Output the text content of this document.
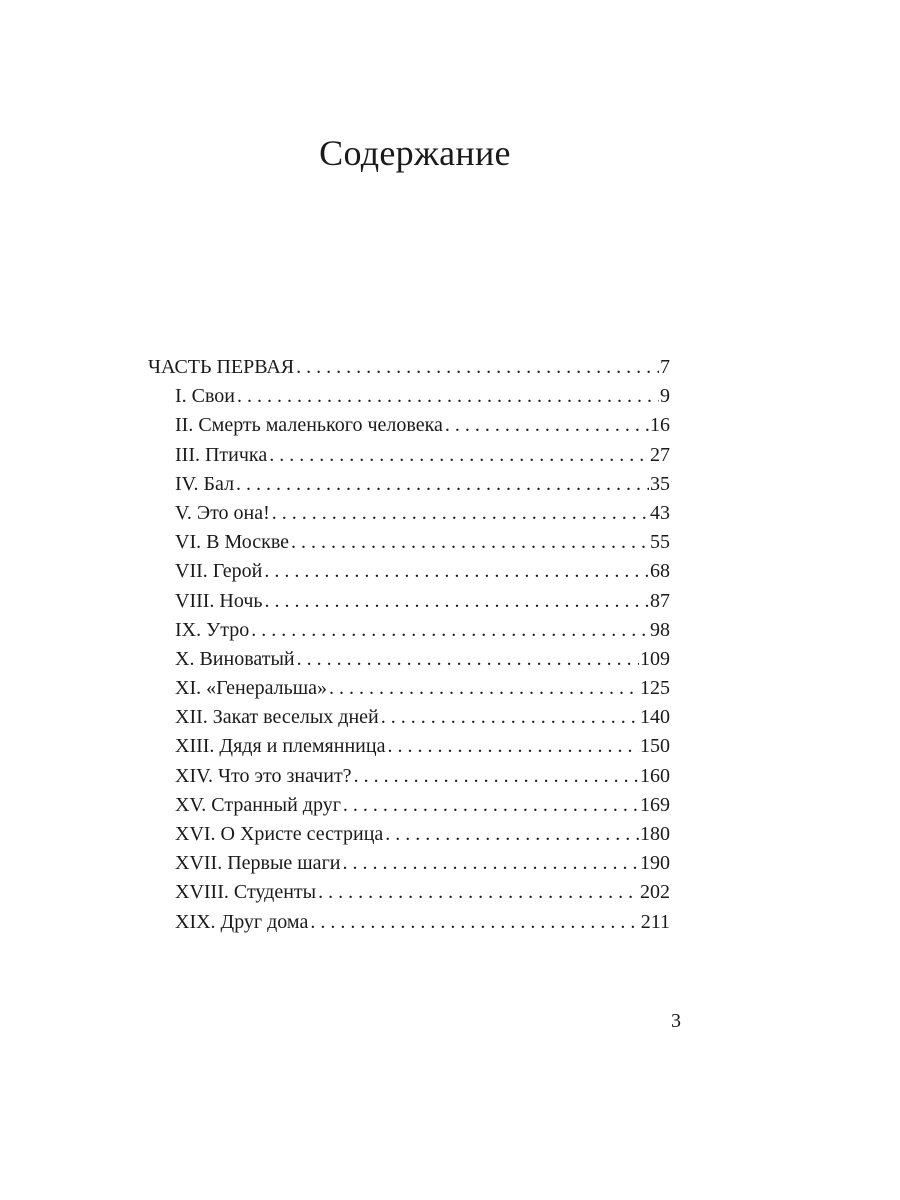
Содержание
ЧАСТЬ ПЕРВАЯ . . .	7
I. Свои . . .	9
II. Смерть маленького человека . . .	16
III. Птичка . . .	27
IV. Бал . . .	35
V. Это она! . . .	43
VI. В Москве . . .	55
VII. Герой . . .	68
VIII. Ночь . . .	87
IX. Утро . . .	98
X. Виноватый . . .	109
XI. «Генеральша» . . .	125
XII. Закат веселых дней . . .	140
XIII. Дядя и племянница . . .	150
XIV. Что это значит? . . .	160
XV. Странный друг . . .	169
XVI. О Христе сестрица . . .	180
XVII. Первые шаги . . .	190
XVIII. Студенты . . .	202
XIX. Друг дома . . .	211
3
